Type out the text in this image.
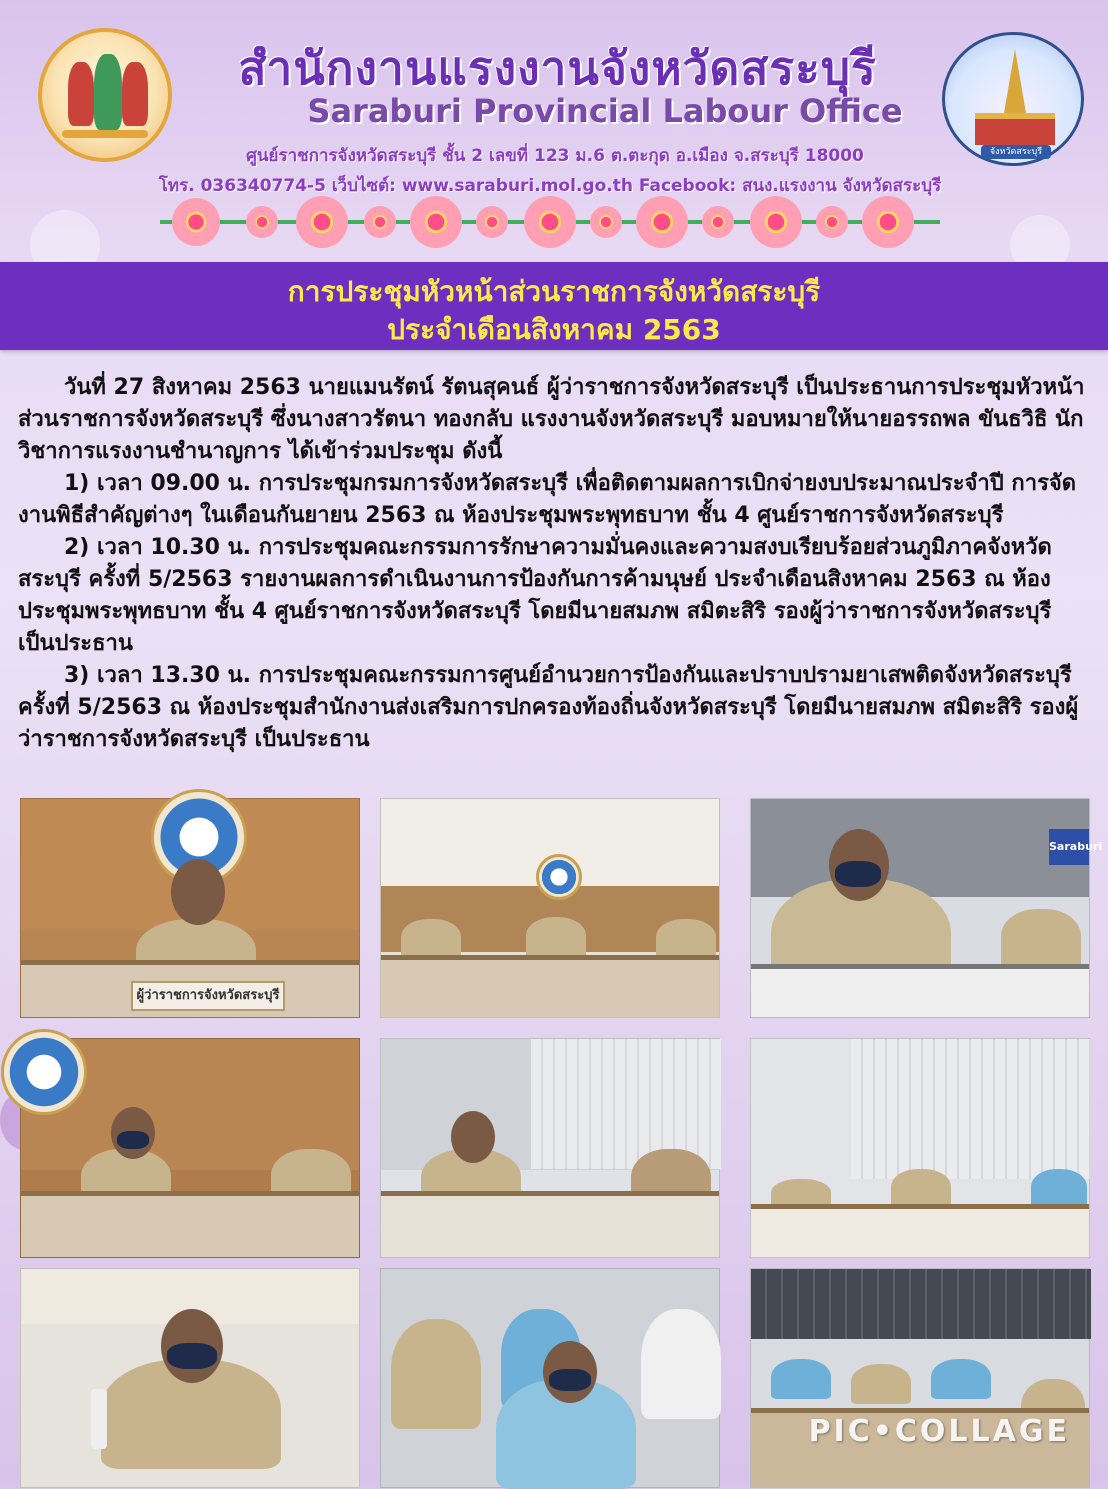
สำนักงานแรงงานจังหวัดสระบุรี
Saraburi Provincial Labour Office
ศูนย์ราชการจังหวัดสระบุรี ชั้น 2 เลขที่ 123 ม.6 ต.ตะกุด อ.เมือง จ.สระบุรี 18000
โทร. 036340774-5 เว็บไซต์: www.saraburi.mol.go.th Facebook: สนง.แรงงาน จังหวัดสระบุรี
จังหวัดสระบุรี
การประชุมหัวหน้าส่วนราชการจังหวัดสระบุรี
ประจำเดือนสิงหาคม 2563

วันที่ 27 สิงหาคม 2563 นายแมนรัตน์ รัตนสุคนธ์ ผู้ว่าราชการจังหวัดสระบุรี เป็นประธานการประชุมหัวหน้าส่วนราชการจังหวัดสระบุรี ซึ่งนางสาวรัตนา ทองกลับ แรงงานจังหวัดสระบุรี มอบหมายให้นายอรรถพล ขันธวิธิ นักวิชาการแรงงานชำนาญการ ได้เข้าร่วมประชุม ดังนี้

1) เวลา 09.00 น. การประชุมกรมการจังหวัดสระบุรี เพื่อติดตามผลการเบิกจ่ายงบประมาณประจำปี การจัดงานพิธีสำคัญต่างๆ ในเดือนกันยายน 2563 ณ ห้องประชุมพระพุทธบาท ชั้น 4 ศูนย์ราชการจังหวัดสระบุรี

2) เวลา 10.30 น. การประชุมคณะกรรมการรักษาความมั่นคงและความสงบเรียบร้อยส่วนภูมิภาคจังหวัดสระบุรี ครั้งที่ 5/2563 รายงานผลการดำเนินงานการป้องกันการค้ามนุษย์ ประจำเดือนสิงหาคม 2563 ณ ห้องประชุมพระพุทธบาท ชั้น 4 ศูนย์ราชการจังหวัดสระบุรี โดยมีนายสมภพ สมิตะสิริ รองผู้ว่าราชการจังหวัดสระบุรี เป็นประธาน

3) เวลา 13.30 น. การประชุมคณะกรรมการศูนย์อำนวยการป้องกันและปราบปรามยาเสพติดจังหวัดสระบุรี ครั้งที่ 5/2563 ณ ห้องประชุมสำนักงานส่งเสริมการปกครองท้องถิ่นจังหวัดสระบุรี โดยมีนายสมภพ สมิตะสิริ รองผู้ว่าราชการจังหวัดสระบุรี เป็นประธาน

ผู้ว่าราชการจังหวัดสระบุรี
Saraburi
PIC•COLLAGE
